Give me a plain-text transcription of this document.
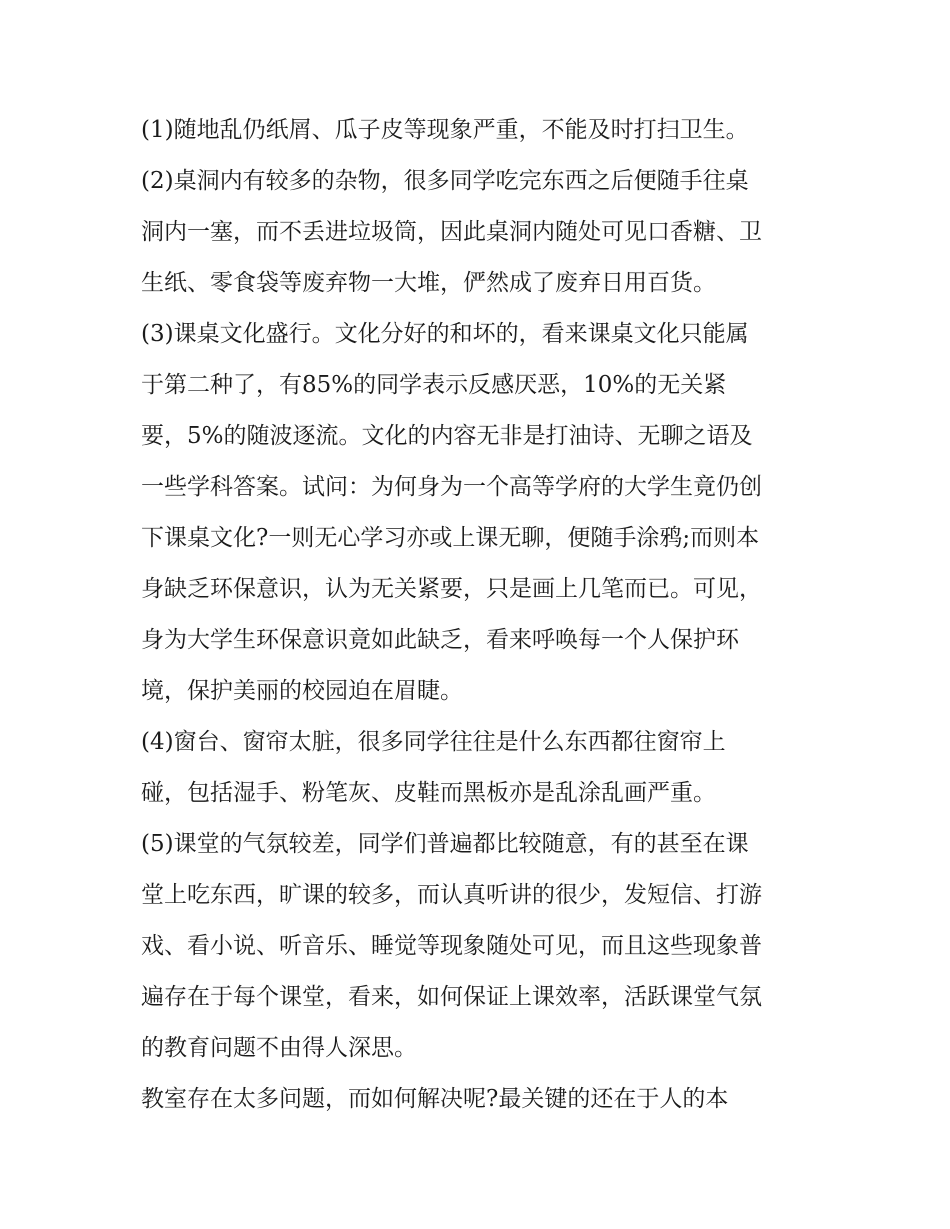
(1)随地乱仍纸屑、瓜子皮等现象严重，不能及时打扫卫生。
(2)桌洞内有较多的杂物，很多同学吃完东西之后便随手往桌
洞内一塞，而不丢进垃圾筒，因此桌洞内随处可见口香糖、卫
生纸、零食袋等废弃物一大堆，俨然成了废弃日用百货。
(3)课桌文化盛行。文化分好的和坏的，看来课桌文化只能属
于第二种了，有85%的同学表示反感厌恶，10%的无关紧
要，5%的随波逐流。文化的内容无非是打油诗、无聊之语及
一些学科答案。试问：为何身为一个高等学府的大学生竟仍创
下课桌文化?一则无心学习亦或上课无聊，便随手涂鸦;而则本
身缺乏环保意识，认为无关紧要，只是画上几笔而已。可见，
身为大学生环保意识竟如此缺乏，看来呼唤每一个人保护环
境，保护美丽的校园迫在眉睫。
(4)窗台、窗帘太脏，很多同学往往是什么东西都往窗帘上
碰，包括湿手、粉笔灰、皮鞋而黑板亦是乱涂乱画严重。
(5)课堂的气氛较差，同学们普遍都比较随意，有的甚至在课
堂上吃东西，旷课的较多，而认真听讲的很少，发短信、打游
戏、看小说、听音乐、睡觉等现象随处可见，而且这些现象普
遍存在于每个课堂，看来，如何保证上课效率，活跃课堂气氛
的教育问题不由得人深思。
教室存在太多问题，而如何解决呢?最关键的还在于人的本
